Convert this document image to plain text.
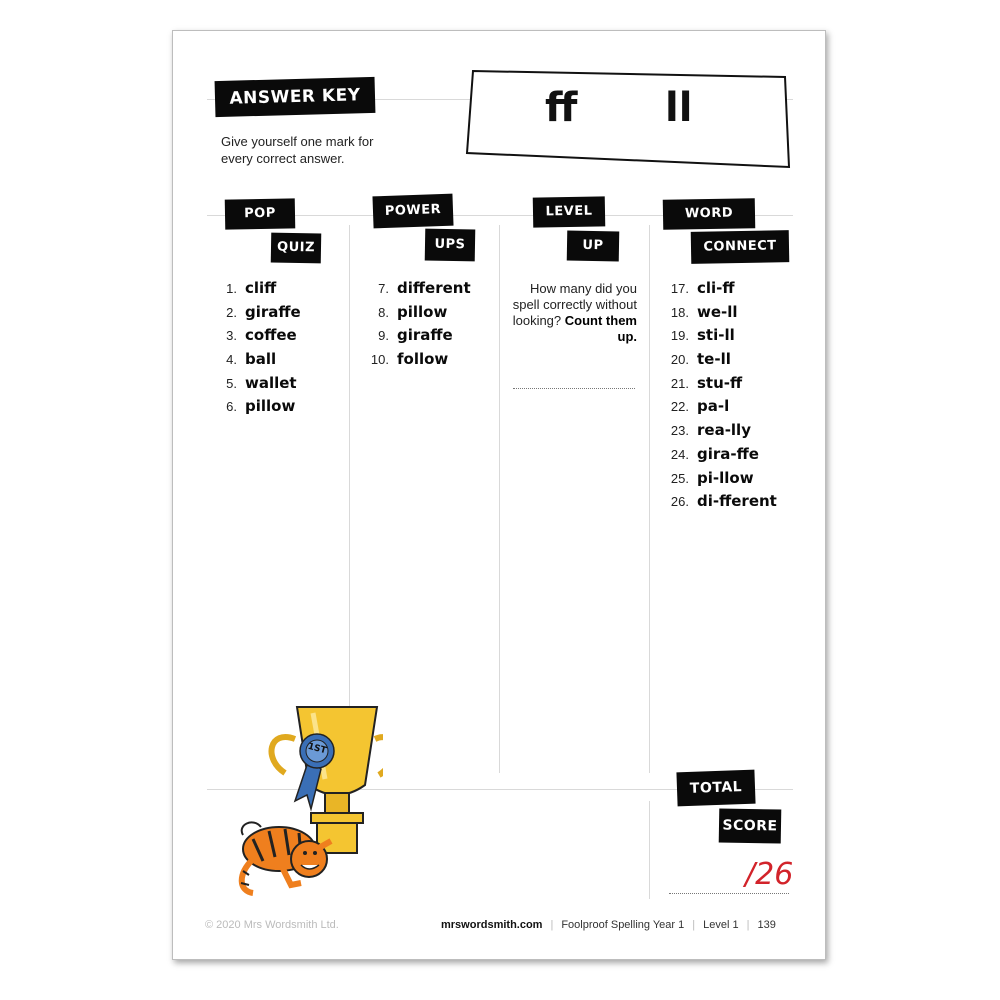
ANSWER KEY
Give yourself one mark for every correct answer.
ff ll
POP
QUIZ
POWER
UPS
LEVEL
UP
WORD
CONNECT
1. cliff
2. giraffe
3. coffee
4. ball
5. wallet
6. pillow
7. different
8. pillow
9. giraffe
10. follow
How many did you spell correctly without looking? Count them up.
17. cli-ff
18. we-ll
19. sti-ll
20. te-ll
21. stu-ff
22. pa-l
23. rea-lly
24. gira-ffe
25. pi-llow
26. di-fferent
1ST
TOTAL
SCORE
/26
© 2020 Mrs Wordsmith Ltd.	mrswordsmith.com | Foolproof Spelling Year 1 | Level 1 | 139
